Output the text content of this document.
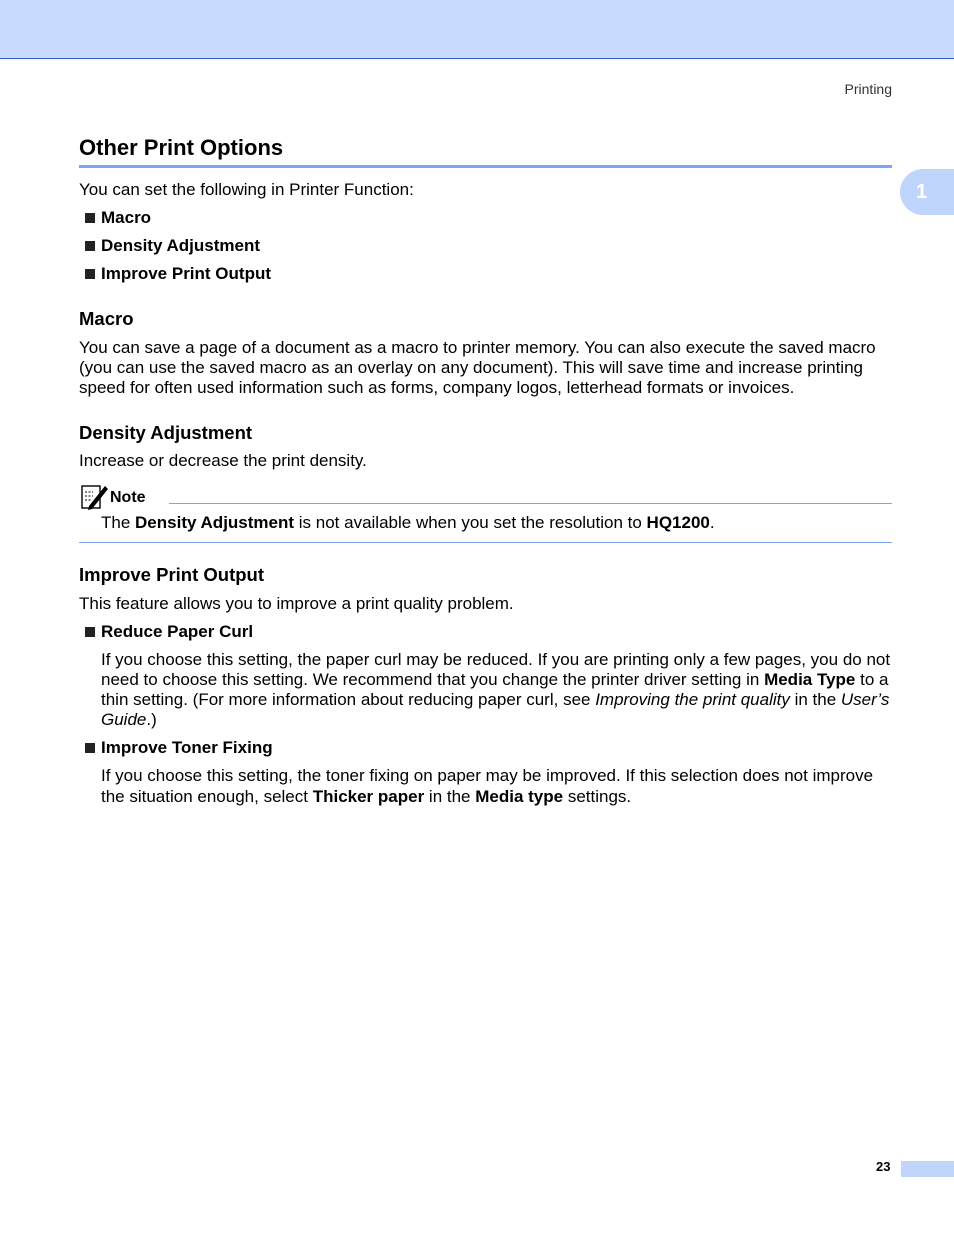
Printing
1
Other Print Options
You can set the following in Printer Function:
Macro
Density Adjustment
Improve Print Output
Macro
You can save a page of a document as a macro to printer memory. You can also execute the saved macro
(you can use the saved macro as an overlay on any document). This will save time and increase printing
speed for often used information such as forms, company logos, letterhead formats or invoices.
Density Adjustment
Increase or decrease the print density.
Note
The Density Adjustment is not available when you set the resolution to HQ1200.
Improve Print Output
This feature allows you to improve a print quality problem.
Reduce Paper Curl
If you choose this setting, the paper curl may be reduced. If you are printing only a few pages, you do not
need to choose this setting. We recommend that you change the printer driver setting in Media Type to a
thin setting. (For more information about reducing paper curl, see Improving the print quality in the User’s
Guide.)
Improve Toner Fixing
If you choose this setting, the toner fixing on paper may be improved. If this selection does not improve
the situation enough, select Thicker paper in the Media type settings.
23
